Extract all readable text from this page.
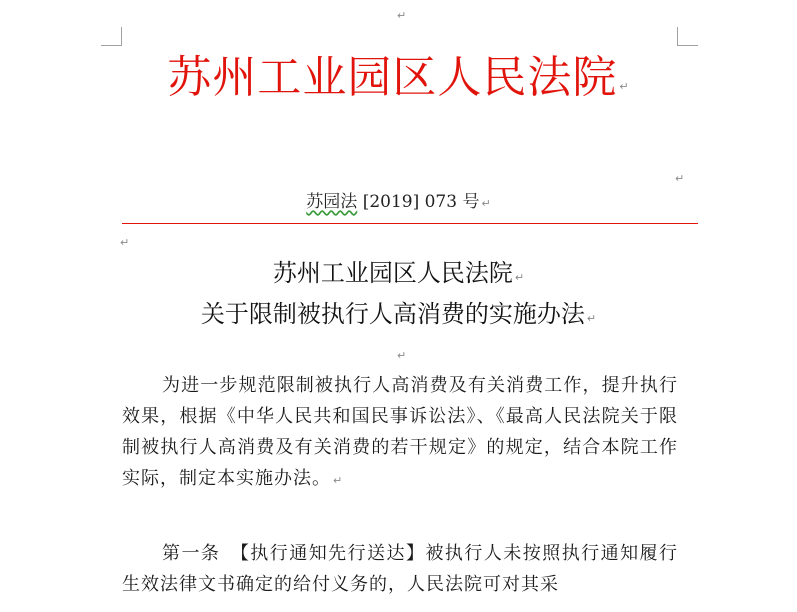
↵
苏州工业园区人民法院 ↵
↵
苏园法 [2019] 073 号 ↵
↵
苏州工业园区人民法院 ↵
关于限制被执行人高消费的实施办法 ↵
↵
为进一步规范限制被执行人高消费及有关消费工作，提升执行效果，根据《中华人民共和国民事诉讼法》、《最高人民法院关于限制被执行人高消费及有关消费的若干规定》的规定，结合本院工作实际，制定本实施办法。 ↵
第一条　【执行通知先行送达】被执行人未按照执行通知履行生效法律文书确定的给付义务的，人民法院可对其采
